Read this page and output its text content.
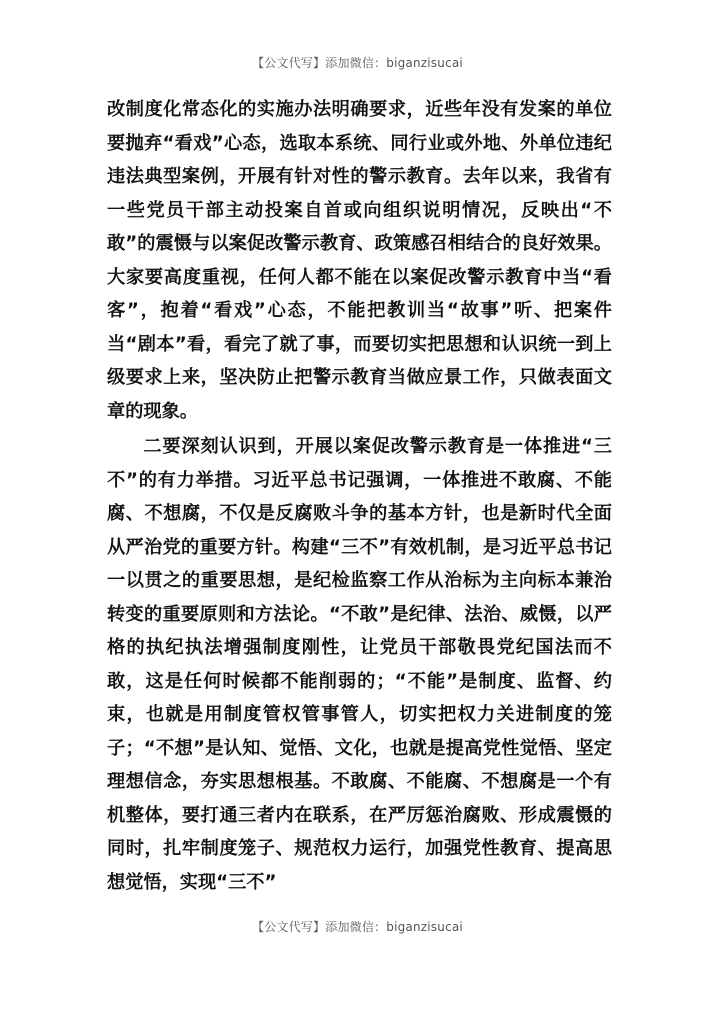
【公文代写】添加微信：biganzisucai

改制度化常态化的实施办法明确要求，近些年没有发案的单位要抛弃“看戏”心态，选取本系统、同行业或外地、外单位违纪违法典型案例，开展有针对性的警示教育。去年以来，我省有一些党员干部主动投案自首或向组织说明情况，反映出“不敢”的震慑与以案促改警示教育、政策感召相结合的良好效果。大家要高度重视，任何人都不能在以案促改警示教育中当“看客”，抱着“看戏”心态，不能把教训当“故事”听、把案件当“剧本”看，看完了就了事，而要切实把思想和认识统一到上级要求上来，坚决防止把警示教育当做应景工作，只做表面文章的现象。

二要深刻认识到，开展以案促改警示教育是一体推进“三不”的有力举措。习近平总书记强调，一体推进不敢腐、不能腐、不想腐，不仅是反腐败斗争的基本方针，也是新时代全面从严治党的重要方针。构建“三不”有效机制，是习近平总书记一以贯之的重要思想，是纪检监察工作从治标为主向标本兼治转变的重要原则和方法论。“不敢”是纪律、法治、威慑，以严格的执纪执法增强制度刚性，让党员干部敬畏党纪国法而不敢，这是任何时候都不能削弱的；“不能”是制度、监督、约束，也就是用制度管权管事管人，切实把权力关进制度的笼子；“不想”是认知、觉悟、文化，也就是提高党性觉悟、坚定理想信念，夯实思想根基。不敢腐、不能腐、不想腐是一个有机整体，要打通三者内在联系，在严厉惩治腐败、形成震慑的同时，扎牢制度笼子、规范权力运行，加强党性教育、提高思想觉悟，实现“三不”

【公文代写】添加微信：biganzisucai
